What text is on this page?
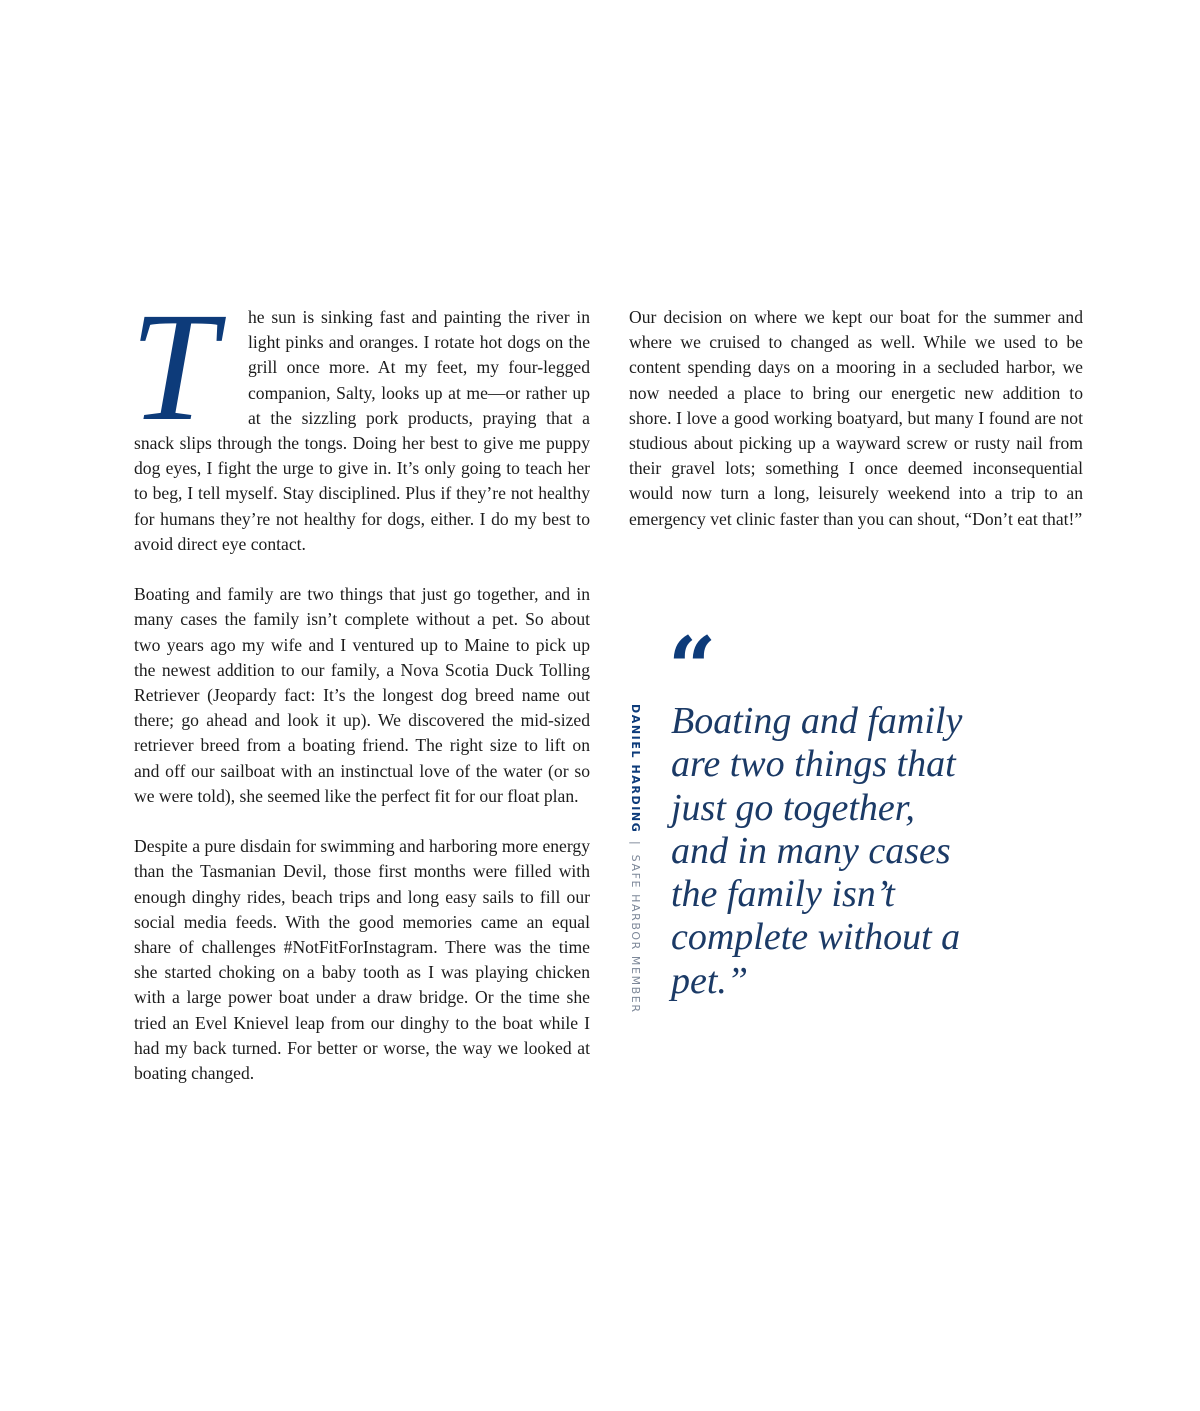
T	he sun is sinking fast and painting the river in light pinks and oranges. I rotate hot dogs on the grill once more. At my feet, my four-legged companion, Salty, looks up at me—or rather up at the sizzling pork products, praying that a snack slips through the tongs. Doing her best to give me puppy dog eyes, I fight the urge to give in. It’s only going to teach her to beg, I tell myself. Stay disciplined. Plus if they’re not healthy for humans they’re not healthy for dogs, either. I do my best to avoid direct eye contact.

Boating and family are two things that just go together, and in many cases the family isn’t complete without a pet. So about two years ago my wife and I ventured up to Maine to pick up the newest addition to our family, a Nova Scotia Duck Tolling Retriever (Jeopardy fact: It’s the longest dog breed name out there; go ahead and look it up). We discovered the mid-sized retriever breed from a boating friend. The right size to lift on and off our sailboat with an instinctual love of the water (or so we were told), she seemed like the perfect fit for our float plan.

Despite a pure disdain for swimming and harboring more energy than the Tasmanian Devil, those first months were filled with enough dinghy rides, beach trips and long easy sails to fill our social media feeds. With the good memories came an equal share of challenges #NotFitForInstagram. There was the time she started choking on a baby tooth as I was playing chicken with a large power boat under a draw bridge. Or the time she tried an Evel Knievel leap from our dinghy to the boat while I had my back turned. For better or worse, the way we looked at boating changed.

Our decision on where we kept our boat for the summer and where we cruised to changed as well. While we used to be content spending days on a mooring in a secluded harbor, we now needed a place to bring our energetic new addition to shore. I love a good working boatyard, but many I found are not studious about picking up a wayward screw or rusty nail from their gravel lots; something I once deemed inconsequential would now turn a long, leisurely weekend into a trip to an emergency vet clinic faster than you can shout, “Don’t eat that!”

DANIEL HARDING|SAFE HARBOR MEMBER
“

Boating and family are two things that just go together, and in many cases the family isn’t complete without a pet.”
